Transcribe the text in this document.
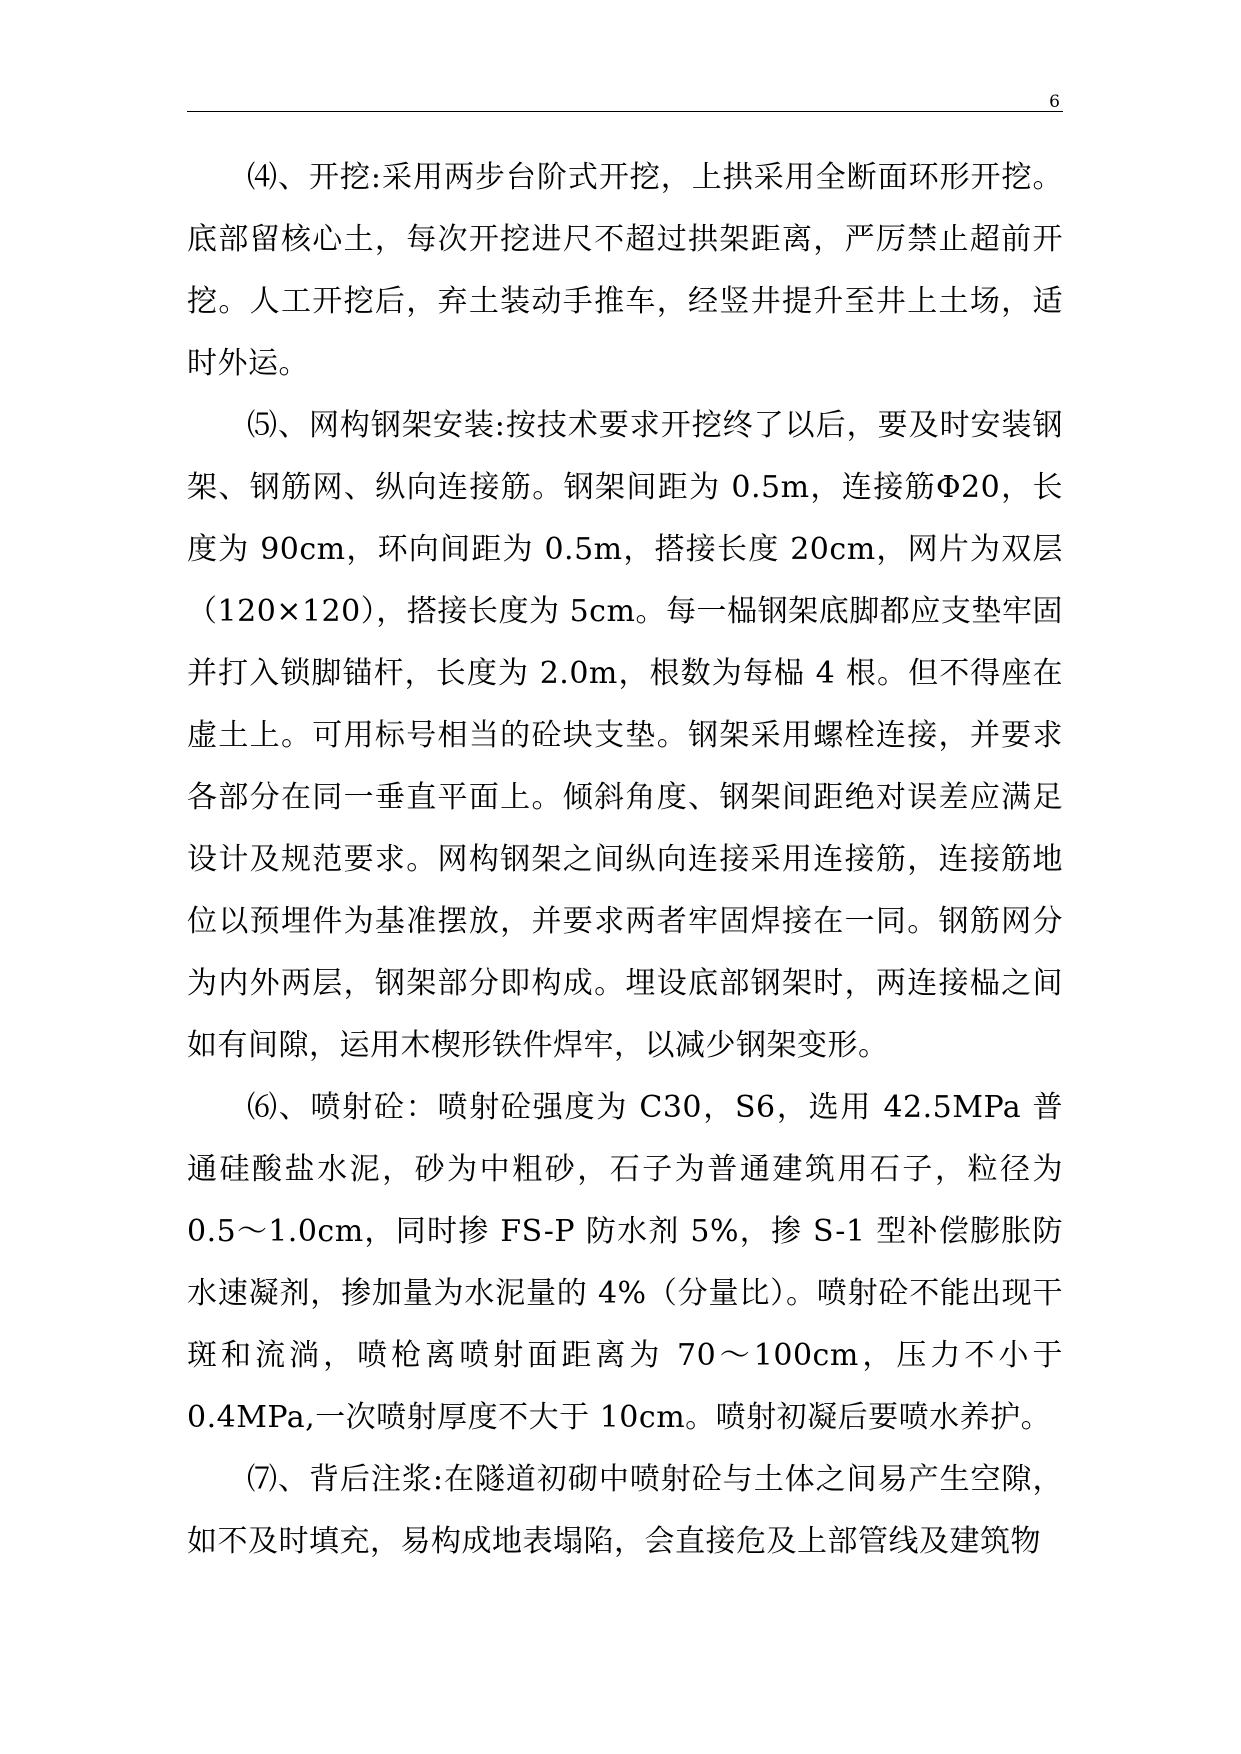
6

⑷、开挖:采用两步台阶式开挖，上拱采用全断面环形开挖。底部留核心土，每次开挖进尺不超过拱架距离，严厉禁止超前开挖。人工开挖后，弃土装动手推车，经竖井提升至井上土场，适时外运。

⑸、网构钢架安装:按技术要求开挖终了以后，要及时安装钢架、钢筋网、纵向连接筋。钢架间距为 0.5m，连接筋Φ20，长度为 90cm，环向间距为 0.5m，搭接长度 20cm，网片为双层（120×120），搭接长度为 5cm。每一榀钢架底脚都应支垫牢固并打入锁脚锚杆，长度为 2.0m，根数为每榀 4 根。但不得座在虚土上。可用标号相当的砼块支垫。钢架采用螺栓连接，并要求各部分在同一垂直平面上。倾斜角度、钢架间距绝对误差应满足设计及规范要求。网构钢架之间纵向连接采用连接筋，连接筋地位以预埋件为基准摆放，并要求两者牢固焊接在一同。钢筋网分为内外两层，钢架部分即构成。埋设底部钢架时，两连接榀之间如有间隙，运用木楔形铁件焊牢，以减少钢架变形。

⑹、喷射砼：喷射砼强度为 C30，S6，选用 42.5MPa 普通硅酸盐水泥，砂为中粗砂，石子为普通建筑用石子，粒径为 0.5～1.0cm，同时掺 FS-P 防水剂 5%，掺 S-1 型补偿膨胀防水速凝剂，掺加量为水泥量的 4%（分量比）。喷射砼不能出现干斑和流淌，喷枪离喷射面距离为 70～100cm，压力不小于 0.4MPa,一次喷射厚度不大于 10cm。喷射初凝后要喷水养护。

⑺、背后注浆:在隧道初砌中喷射砼与土体之间易产生空隙，如不及时填充，易构成地表塌陷，会直接危及上部管线及建筑物
